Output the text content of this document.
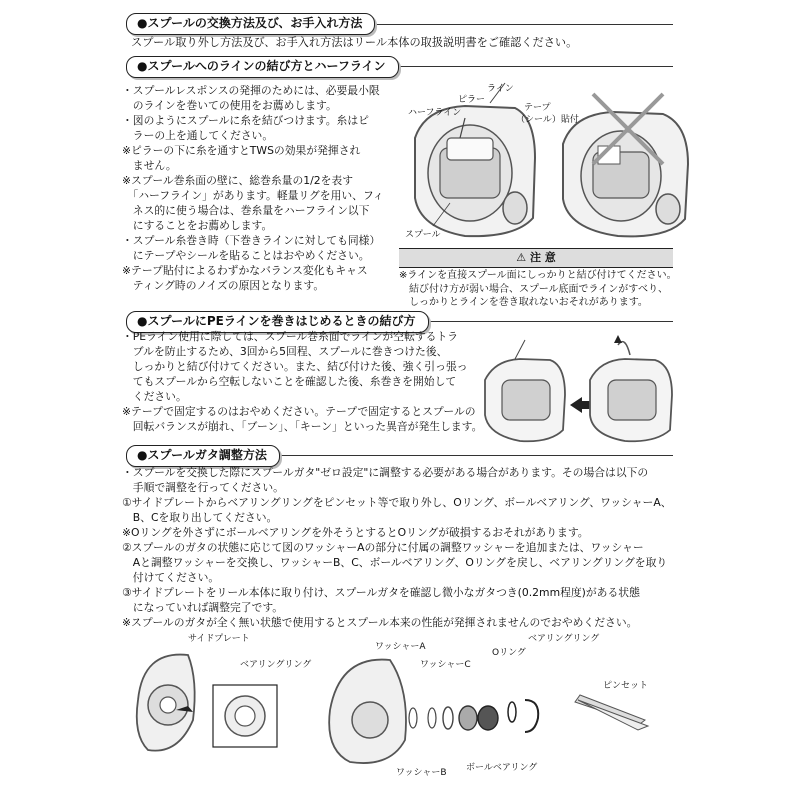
●スプールの交換方法及び、お手入れ方法
スプール取り外し方法及び、お手入れ方法はリール本体の取扱説明書をご確認ください。
●スプールへのラインの結び方とハーフライン
・スプールレスポンスの発揮のためには、必要最小限
　のラインを巻いての使用をお薦めします。
・図のようにスプールに糸を結びつけます。糸はピ
　ラーの上を通してください。
※ピラーの下に糸を通すとTWSの効果が発揮され
　ません。
※スプール巻糸面の壁に、総巻糸量の1/2を表す
　「ハーフライン」があります。軽量リグを用い、フィ
　ネス的に使う場合は、巻糸量をハーフライン以下
　にすることをお薦めします。
・スプール糸巻き時（下巻きラインに対しても同様）
　にテープやシールを貼ることはおやめください。
※テープ貼付によるわずかなバランス変化もキャス
　ティング時のノイズの原因となります。
ライン
ピラー
ハーフライン
スプール
テープ
（シール）貼付
⚠ 注 意
※ラインを直接スプール面にしっかりと結び付けてください。
　結び付け方が弱い場合、スプール底面でラインがすべり、
　しっかりとラインを巻き取れないおそれがあります。
●スプールにPEラインを巻きはじめるときの結び方
・PEライン使用に際しては、スプール巻糸面でラインが空転するトラ
　ブルを防止するため、3回から5回程、スプールに巻きつけた後、
　しっかりと結び付けてください。また、結び付けた後、強く引っ張っ
　てもスプールから空転しないことを確認した後、糸巻きを開始して
　ください。
※テープで固定するのはおやめください。テープで固定するとスプールの
　回転バランスが崩れ、「ブーン」、「キーン」といった異音が発生します。
●スプールガタ調整方法
・スプールを交換した際にスプールガタ"ゼロ設定"に調整する必要がある場合があります。その場合は以下の
　手順で調整を行ってください。
①サイドプレートからベアリングリングをピンセット等で取り外し、Oリング、ボールベアリング、ワッシャーA、
　B、Cを取り出してください。
※Oリングを外さずにボールベアリングを外そうとするとOリングが破損するおそれがあります。
②スプールのガタの状態に応じて図のワッシャーAの部分に付属の調整ワッシャーを追加または、ワッシャー
　Aと調整ワッシャーを交換し、ワッシャーB、C、ボールベアリング、Oリングを戻し、ベアリングリングを取り
　付けてください。
③サイドプレートをリール本体に取り付け、スプールガタを確認し微小なガタつき(0.2mm程度)がある状態
　になっていれば調整完了です。
※スプールのガタが全く無い状態で使用するとスプール本来の性能が発揮されませんのでおやめください。
サイドプレート
ベアリングリング
ワッシャーA
ワッシャーC
Oリング
ベアリングリング
ピンセット
ワッシャーB ボールベアリング
